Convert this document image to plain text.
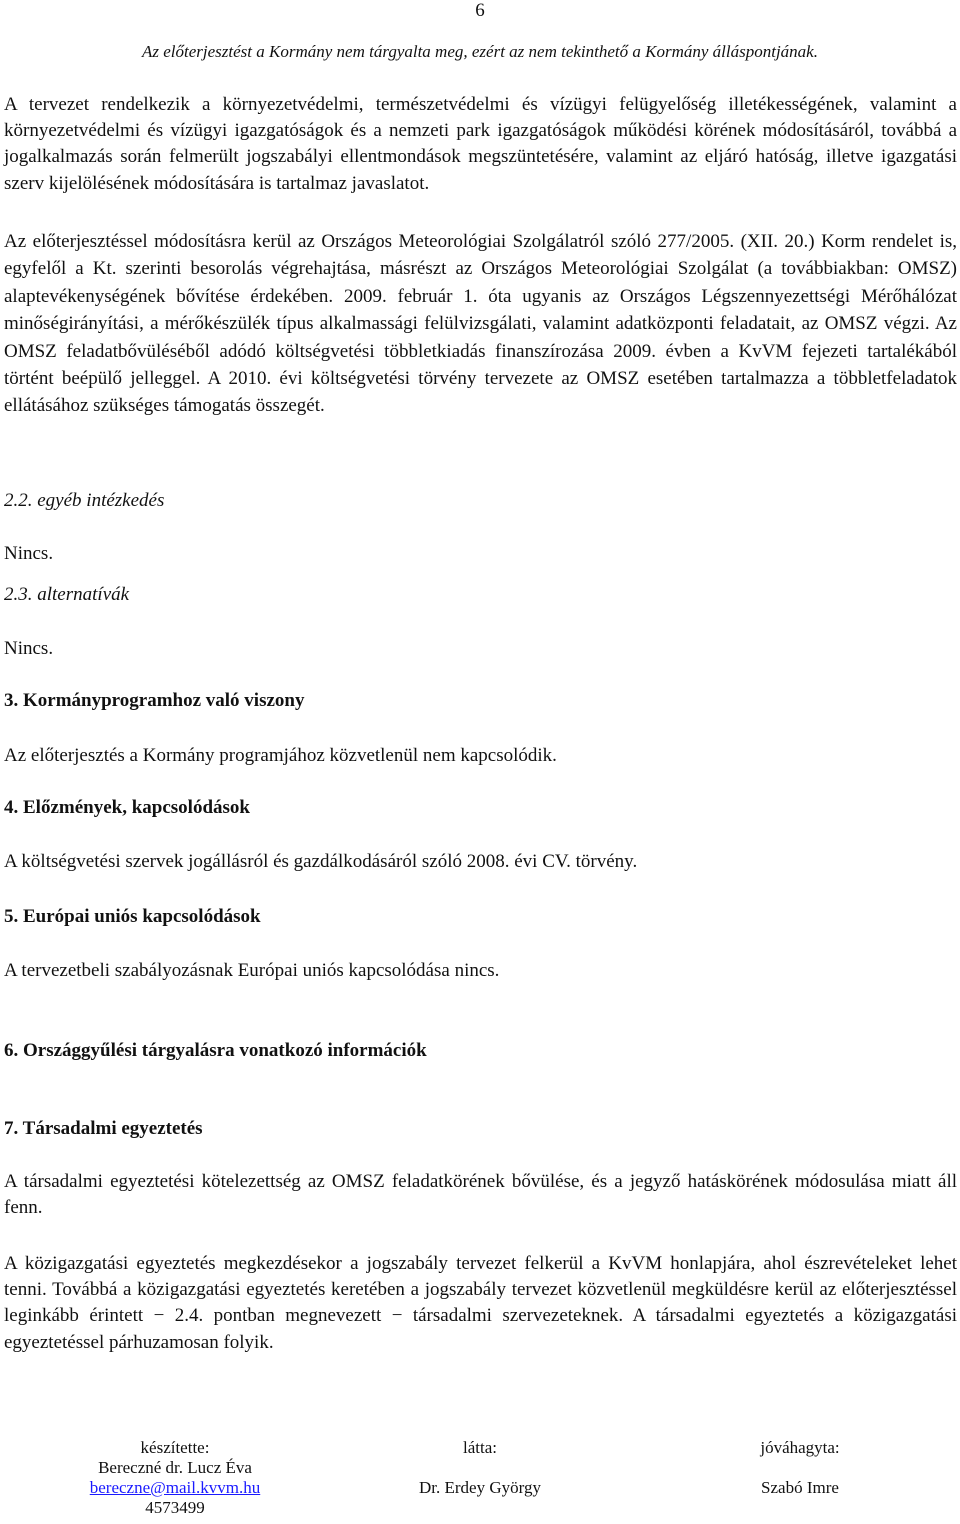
6
Az előterjesztést a Kormány nem tárgyalta meg, ezért az nem tekinthető a Kormány álláspontjának.
A tervezet rendelkezik a környezetvédelmi, természetvédelmi és vízügyi felügyelőség illetékességének, valamint a környezetvédelmi és vízügyi igazgatóságok és a nemzeti park igazgatóságok működési körének módosításáról, továbbá a jogalkalmazás során felmerült jogszabályi ellentmondások megszüntetésére, valamint az eljáró hatóság, illetve igazgatási szerv kijelölésének módosítására is tartalmaz javaslatot.
Az előterjesztéssel módosításra kerül az Országos Meteorológiai Szolgálatról szóló 277/2005. (XII. 20.) Korm rendelet is, egyfelől a Kt. szerinti besorolás végrehajtása, másrészt az Országos Meteorológiai Szolgálat (a továbbiakban: OMSZ) alaptevékenységének bővítése érdekében. 2009. február 1. óta ugyanis az Országos Légszennyezettségi Mérőhálózat minőségirányítási, a mérőkészülék típus alkalmassági felülvizsgálati, valamint adatközponti feladatait, az OMSZ végzi. Az OMSZ feladatbővüléséből adódó költségvetési többletkiadás finanszírozása 2009. évben a KvVM fejezeti tartalékából történt beépülő jelleggel. A 2010. évi költségvetési törvény tervezete az OMSZ esetében tartalmazza a többletfeladatok ellátásához szükséges támogatás összegét.
2.2. egyéb intézkedés
Nincs.
2.3. alternatívák
Nincs.
3. Kormányprogramhoz való viszony
Az előterjesztés a Kormány programjához közvetlenül nem kapcsolódik.
4. Előzmények, kapcsolódások
A költségvetési szervek jogállásról és gazdálkodásáról szóló 2008. évi CV. törvény.
5. Európai uniós kapcsolódások
A tervezetbeli szabályozásnak Európai uniós kapcsolódása nincs.
6. Országgyűlési tárgyalásra vonatkozó információk
7. Társadalmi egyeztetés
A társadalmi egyeztetési kötelezettség az OMSZ feladatkörének bővülése, és a jegyző hatáskörének módosulása miatt áll fenn.
A közigazgatási egyeztetés megkezdésekor a jogszabály tervezet felkerül a KvVM honlapjára, ahol észrevételeket lehet tenni. Továbbá a közigazgatási egyeztetés keretében a jogszabály tervezet közvetlenül megküldésre kerül az előterjesztéssel leginkább érintett − 2.4. pontban megnevezett − társadalmi szervezeteknek. A társadalmi egyeztetés a közigazgatási egyeztetéssel párhuzamosan folyik.
készítette:
Bereczné dr. Lucz Éva
bereczne@mail.kvvm.hu
4573499
látta:
Dr. Erdey György
jóváhagyta:
Szabó Imre
